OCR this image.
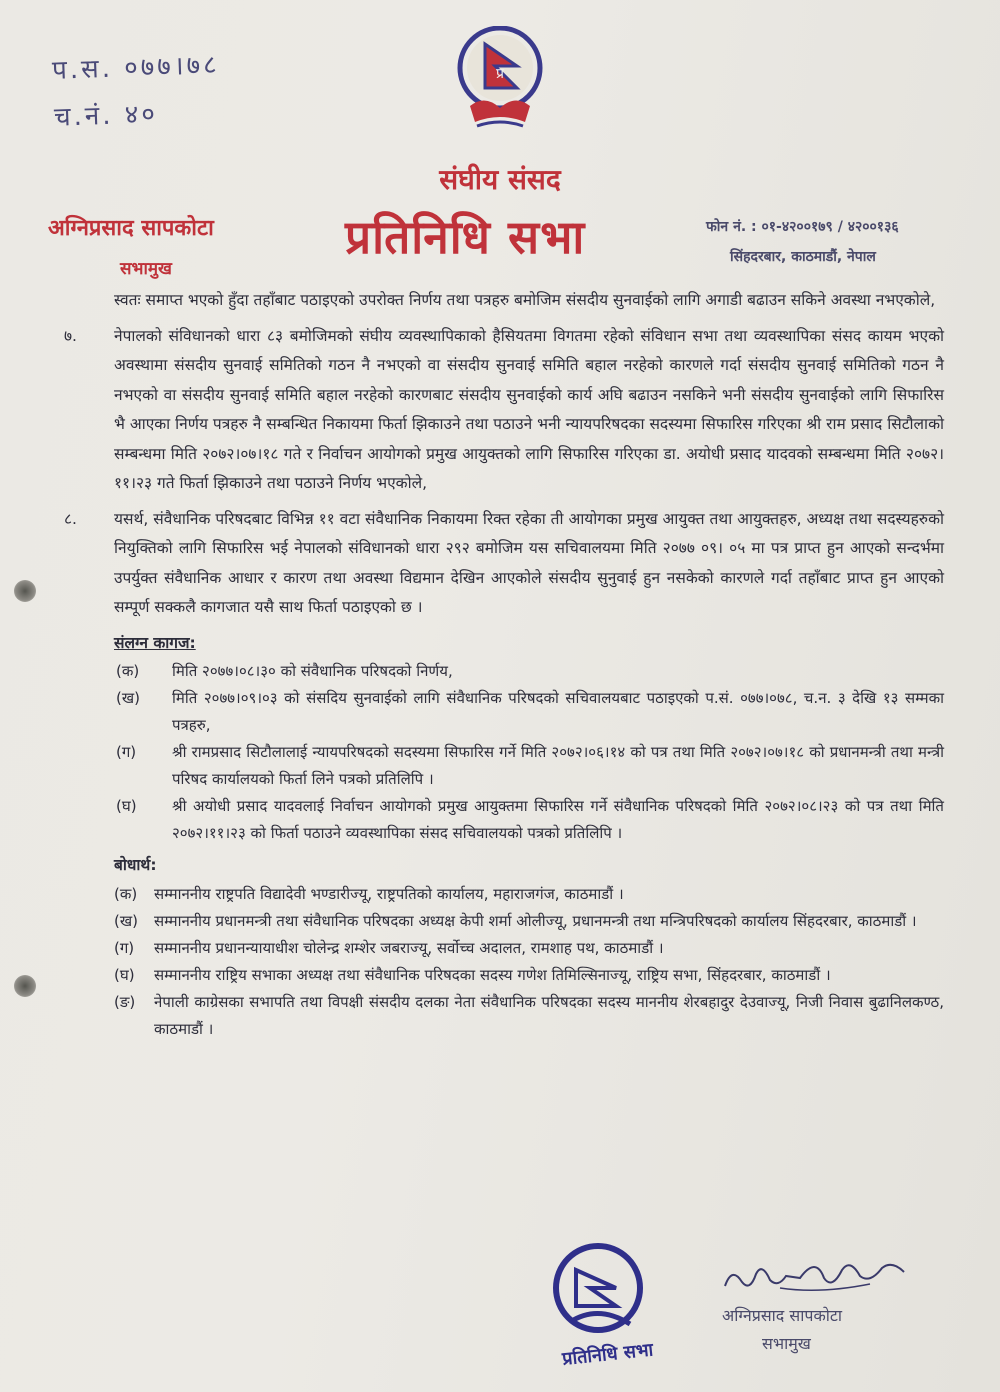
प.स. ०७७।७८
च.नं. ४०
प्र
संघीय संसद
प्रतिनिधि सभा
अग्निप्रसाद सापकोटा
सभामुख
फोन नं. : ०१-४२००१७९ / ४२००१३६
सिंहदरबार, काठमाडौं, नेपाल
स्वतः समाप्त भएको हुँदा तहाँबाट पठाइएको उपरोक्त निर्णय तथा पत्रहरु बमोजिम संसदीय सुनवाईको लागि अगाडी बढाउन सकिने अवस्था नभएकोले,
७. नेपालको संविधानको धारा ८३ बमोजिमको संघीय व्यवस्थापिकाको हैसियतमा विगतमा रहेको संविधान सभा तथा व्यवस्थापिका संसद कायम भएको अवस्थामा संसदीय सुनवाई समितिको गठन नै नभएको वा संसदीय सुनवाई समिति बहाल नरहेको कारणले गर्दा संसदीय सुनवाई समितिको गठन नै नभएको वा संसदीय सुनवाई समिति बहाल नरहेको कारणबाट संसदीय सुनवाईको कार्य अघि बढाउन नसकिने भनी संसदीय सुनवाईको लागि सिफारिस भै आएका निर्णय पत्रहरु नै सम्बन्धित निकायमा फिर्ता झिकाउने तथा पठाउने भनी न्यायपरिषदका सदस्यमा सिफारिस गरिएका श्री राम प्रसाद सिटौलाको सम्बन्धमा मिति २०७२।०७।१८ गते र निर्वाचन आयोगको प्रमुख आयुक्तको लागि सिफारिस गरिएका डा. अयोधी प्रसाद यादवको सम्बन्धमा मिति २०७२।११।२३ गते फिर्ता झिकाउने तथा पठाउने निर्णय भएकोले,
८. यसर्थ, संवैधानिक परिषदबाट विभिन्न ११ वटा संवैधानिक निकायमा रिक्त रहेका ती आयोगका प्रमुख आयुक्त तथा आयुक्तहरु, अध्यक्ष तथा सदस्यहरुको नियुक्तिको लागि सिफारिस भई नेपालको संविधानको धारा २९२ बमोजिम यस सचिवालयमा मिति २०७७ ०९। ०५ मा पत्र प्राप्त हुन आएको सन्दर्भमा उपर्युक्त संवैधानिक आधार र कारण तथा अवस्था विद्यमान देखिन आएकोले संसदीय सुनुवाई हुन नसकेको कारणले गर्दा तहाँबाट प्राप्त हुन आएको सम्पूर्ण सक्कलै कागजात यसै साथ फिर्ता पठाइएको छ ।
संलग्न कागज:
(क) मिति २०७७।०८।३० को संवैधानिक परिषदको निर्णय,
(ख) मिति २०७७।०९।०३ को संसदिय सुनवाईको लागि संवैधानिक परिषदको सचिवालयबाट पठाइएको प.सं. ०७७।०७८, च.न. ३ देखि १३ सम्मका पत्रहरु,
(ग) श्री रामप्रसाद सिटौलालाई न्यायपरिषदको सदस्यमा सिफारिस गर्ने मिति २०७२।०६।१४ को पत्र तथा मिति २०७२।०७।१८ को प्रधानमन्त्री तथा मन्त्री परिषद कार्यालयको फिर्ता लिने पत्रको प्रतिलिपि ।
(घ) श्री अयोधी प्रसाद यादवलाई निर्वाचन आयोगको प्रमुख आयुक्तमा सिफारिस गर्ने संवैधानिक परिषदको मिति २०७२।०८।२३ को पत्र तथा मिति २०७२।११।२३ को फिर्ता पठाउने व्यवस्थापिका संसद सचिवालयको पत्रको प्रतिलिपि ।
बोधार्थ:
(क) सम्माननीय राष्ट्रपति विद्यादेवी भण्डारीज्यू, राष्ट्रपतिको कार्यालय, महाराजगंज, काठमाडौं ।
(ख) सम्माननीय प्रधानमन्त्री तथा संवैधानिक परिषदका अध्यक्ष केपी शर्मा ओलीज्यू, प्रधानमन्त्री तथा मन्त्रिपरिषदको कार्यालय सिंहदरबार, काठमाडौं ।
(ग) सम्माननीय प्रधानन्यायाधीश चोलेन्द्र शम्शेर जबराज्यू, सर्वोच्च अदालत, रामशाह पथ, काठमाडौं ।
(घ) सम्माननीय राष्ट्रिय सभाका अध्यक्ष तथा संवैधानिक परिषदका सदस्य गणेश तिमिल्सिनाज्यू, राष्ट्रिय सभा, सिंहदरबार, काठमाडौं ।
(ङ) नेपाली काग्रेसका सभापति तथा विपक्षी संसदीय दलका नेता संवैधानिक परिषदका सदस्य माननीय शेरबहादुर देउवाज्यू, निजी निवास बुढानिलकण्ठ, काठमाडौं ।
प्रतिनिधि सभा
अग्निप्रसाद सापकोटा
सभामुख
